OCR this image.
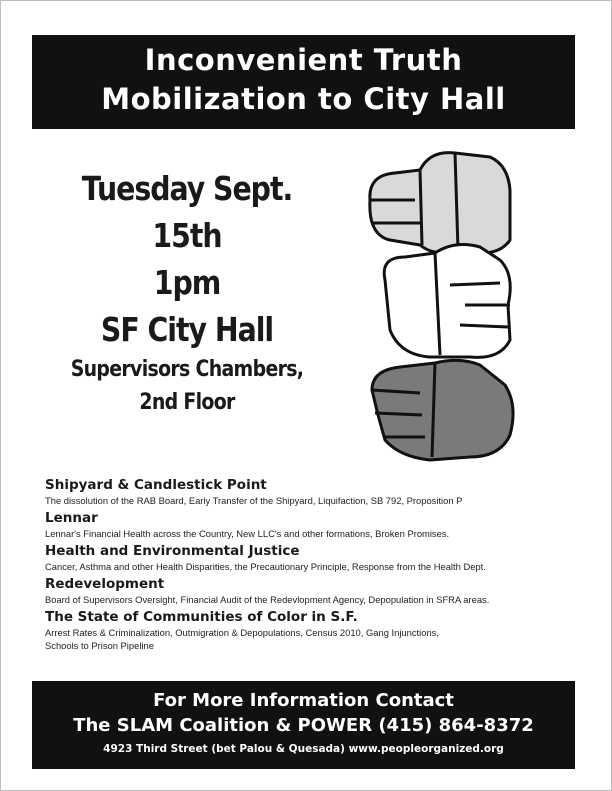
Inconvenient Truth
Mobilization to City Hall
Tuesday Sept. 15th
1pm
SF City Hall
Supervisors Chambers,
2nd Floor
Shipyard & Candlestick Point
The dissolution of the RAB Board, Early Transfer of the Shipyard, Liquifaction, SB 792, Proposition P
Lennar
Lennar's Financial Health across the Country, New LLC's and other formations, Broken Promises.
Health and Environmental Justice
Cancer, Asthma and other Health Disparities, the Precautionary Principle, Response from the Health Dept.
Redevelopment
Board of Supervisors Oversight, Financial Audit of the Redevlopment Agency, Depopulation in SFRA areas.
The State of Communities of Color in S.F.
Arrest Rates & Criminalization, Outmigration & Depopulations, Census 2010, Gang Injunctions,
Schools to Prison Pipeline
For More Information Contact
The SLAM Coalition & POWER (415) 864-8372
4923 Third Street (bet Palou & Quesada) www.peopleorganized.org
